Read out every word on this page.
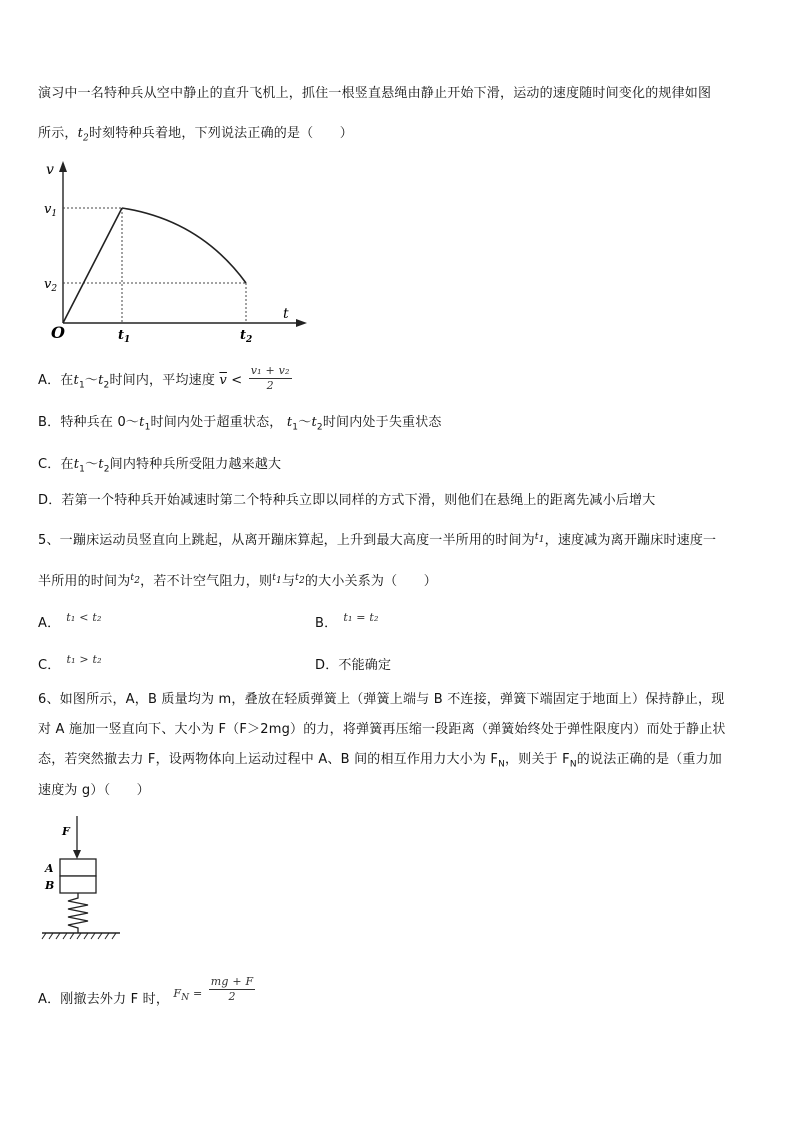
演习中一名特种兵从空中静止的直升飞机上，抓住一根竖直悬绳由静止开始下滑，运动的速度随时间变化的规律如图
所示，$t_2$时刻特种兵着地，下列说法正确的是（　　）
v
t
O
$v_1$
$v_2$
$t_1$	$t_2$
A．在$t_1\sim t_2$时间内，平均速度 $\overline{v} < \frac{\text{v₁ + v₂}}{2}$
B．特种兵在 $0\sim t_1$时间内处于超重状态， $t_1\sim t_2$时间内处于失重状态
C．在$t_1\sim t_2$间内特种兵所受阻力越来越大
D．若第一个特种兵开始减速时第二个特种兵立即以同样的方式下滑，则他们在悬绳上的距离先减小后增大
5、一蹦床运动员竖直向上跳起，从离开蹦床算起，上升到最大高度一半所用的时间为$^{t_1}$，速度减为离开蹦床时速度一
半所用的时间为$^{t_2}$，若不计空气阻力，则$^{t_1}$与$^{t_2}$的大小关系为（　　）
A． $^{t_1 < t_2}$	B． $^{t_1 = t_2}$
C． $^{t_1 > t_2}$	D．不能确定
6、如图所示，A，B 质量均为 m，叠放在轻质弹簧上（弹簧上端与 B 不连接，弹簧下端固定于地面上）保持静止，现
对 A 施加一竖直向下、大小为 F（F＞2mg）的力，将弹簧再压缩一段距离（弹簧始终处于弹性限度内）而处于静止状
态，若突然撤去力 F，设两物体向上运动过程中 A、B 间的相互作用力大小为 $F_N$，则关于 $F_N$的说法正确的是（重力加
速度为 g）（　　）
F
A
B
A．刚撤去外力 F 时， $^{F_N =} \frac{mg + F}{2}$
